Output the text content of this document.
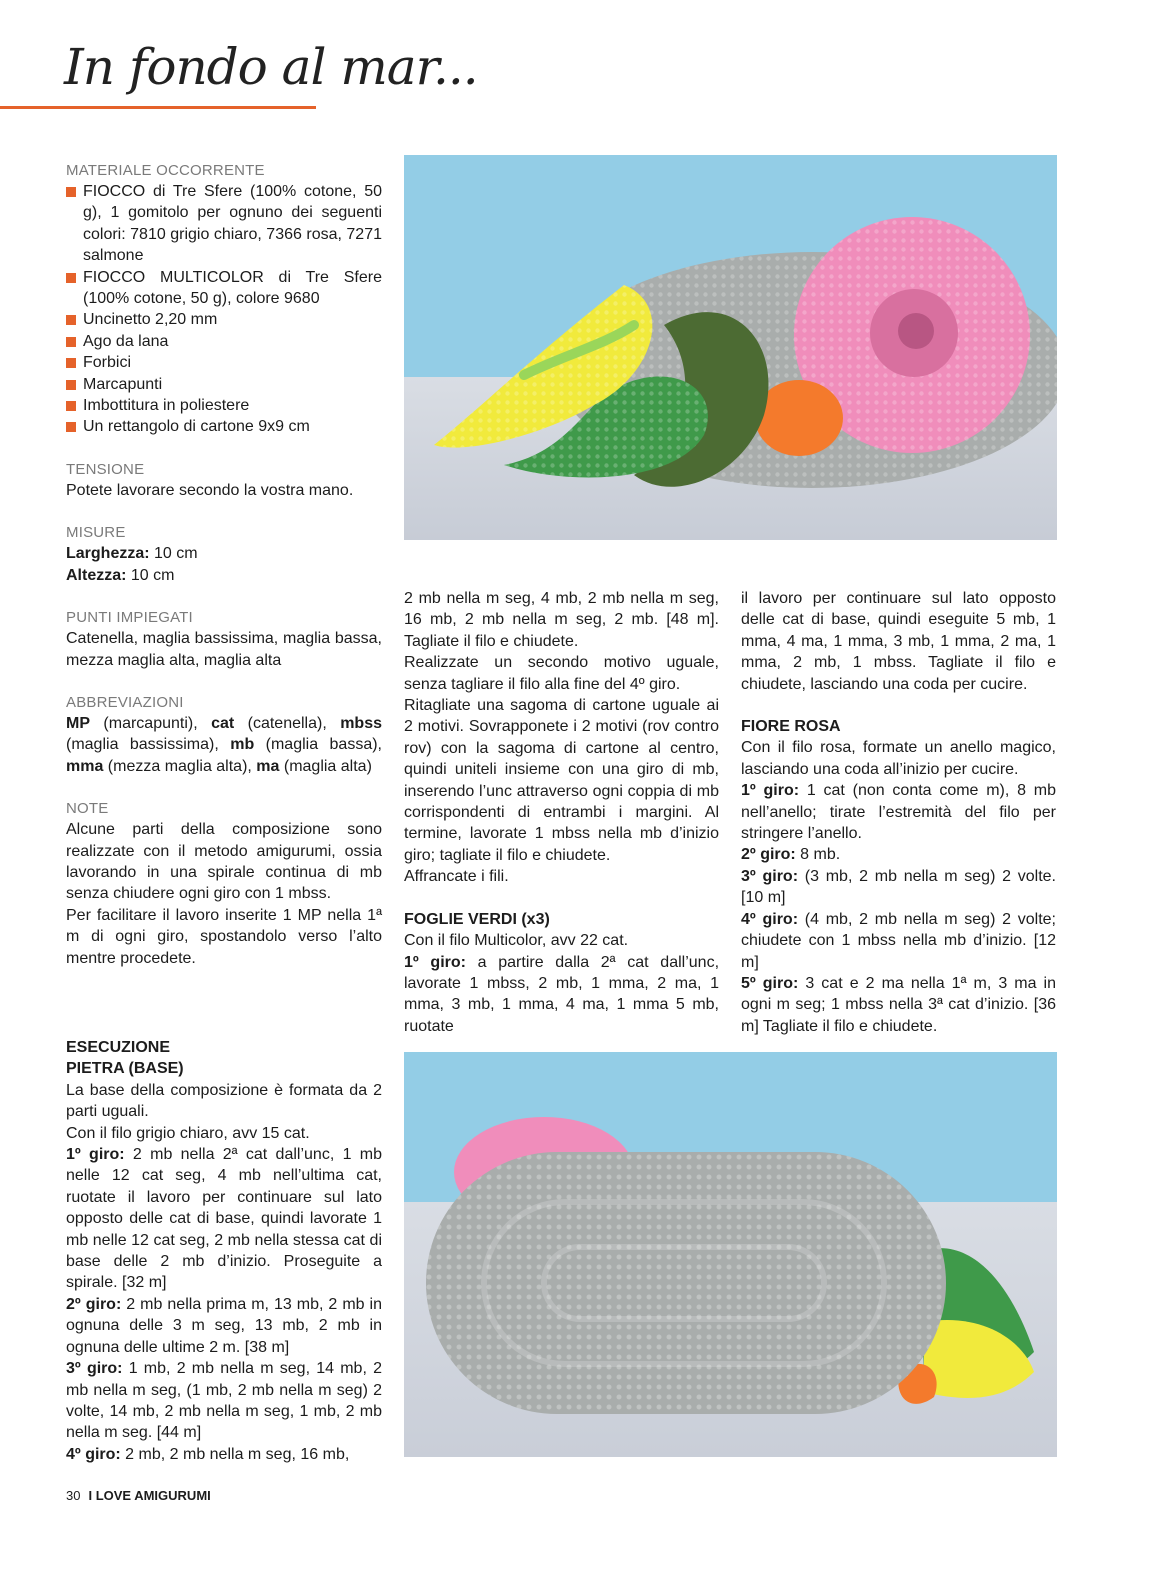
In fondo al mar...

MATERIALE OCCORRENTE

FIOCCO di Tre Sfere (100% cotone, 50 g), 1 gomitolo per ognuno dei seguenti colori: 7810 grigio chiaro, 7366 rosa, 7271 salmone
FIOCCO MULTICOLOR di Tre Sfere (100% cotone, 50 g), colore 9680
Uncinetto 2,20 mm
Ago da lana
Forbici
Marcapunti
Imbottitura in poliestere
Un rettangolo di cartone 9x9 cm

TENSIONE

Potete lavorare secondo la vostra mano.

MISURE

Larghezza: 10 cm

Altezza: 10 cm

PUNTI IMPIEGATI

Catenella, maglia bassissima, maglia bassa, mezza maglia alta, maglia alta

ABBREVIAZIONI

MP (marcapunti), cat (catenella), mbss (maglia bassissima), mb (maglia bassa), mma (mezza maglia alta), ma (maglia alta)

NOTE

Alcune parti della composizione sono realizzate con il metodo amigurumi, ossia lavorando in una spirale continua di mb senza chiudere ogni giro con 1 mbss.

Per facilitare il lavoro inserite 1 MP nella 1ª m di ogni giro, spostandolo verso l’alto mentre procedete.

ESECUZIONE

PIETRA (BASE)

La base della composizione è formata da 2 parti uguali.

Con il filo grigio chiaro, avv 15 cat.

1º giro: 2 mb nella 2ª cat dall’unc, 1 mb nelle 12 cat seg, 4 mb nell’ultima cat, ruotate il lavoro per continuare sul lato opposto delle cat di base, quindi lavorate 1 mb nelle 12 cat seg, 2 mb nella stessa cat di base delle 2 mb d’inizio. Proseguite a spirale. [32 m]

2º giro: 2 mb nella prima m, 13 mb, 2 mb in ognuna delle 3 m seg, 13 mb, 2 mb in ognuna delle ultime 2 m. [38 m]

3º giro: 1 mb, 2 mb nella m seg, 14 mb, 2 mb nella m seg, (1 mb, 2 mb nella m seg) 2 volte, 14 mb, 2 mb nella m seg, 1 mb, 2 mb nella m seg. [44 m]

4º giro: 2 mb, 2 mb nella m seg, 16 mb,

2 mb nella m seg, 4 mb, 2 mb nella m seg, 16 mb, 2 mb nella m seg, 2 mb. [48 m]. Tagliate il filo e chiudete.

Realizzate un secondo motivo uguale, senza tagliare il filo alla fine del 4º giro.

Ritagliate una sagoma di cartone uguale ai 2 motivi. Sovrapponete i 2 motivi (rov contro rov) con la sagoma di cartone al centro, quindi uniteli insieme con una giro di mb, inserendo l’unc attraverso ogni coppia di mb corrispondenti di entrambi i margini. Al termine, lavorate 1 mbss nella mb d’inizio giro; tagliate il filo e chiudete.

Affrancate i fili.

FOGLIE VERDI (x3)

Con il filo Multicolor, avv 22 cat.

1º giro: a partire dalla 2ª cat dall’unc, lavorate 1 mbss, 2 mb, 1 mma, 2 ma, 1 mma, 3 mb, 1 mma, 4 ma, 1 mma 5 mb, ruotate

il lavoro per continuare sul lato opposto delle cat di base, quindi eseguite 5 mb, 1 mma, 4 ma, 1 mma, 3 mb, 1 mma, 2 ma, 1 mma, 2 mb, 1 mbss. Tagliate il filo e chiudete, lasciando una coda per cucire.

FIORE ROSA

Con il filo rosa, formate un anello magico, lasciando una coda all’inizio per cucire.

1º giro: 1 cat (non conta come m), 8 mb nell’anello; tirate l’estremità del filo per stringere l’anello.

2º giro: 8 mb.

3º giro: (3 mb, 2 mb nella m seg) 2 volte. [10 m]

4º giro: (4 mb, 2 mb nella m seg) 2 volte; chiudete con 1 mbss nella mb d’inizio. [12 m]

5º giro: 3 cat e 2 ma nella 1ª m, 3 ma in ogni m seg; 1 mbss nella 3ª cat d’inizio. [36 m] Tagliate il filo e chiudete.

30 I LOVE AMIGURUMI
